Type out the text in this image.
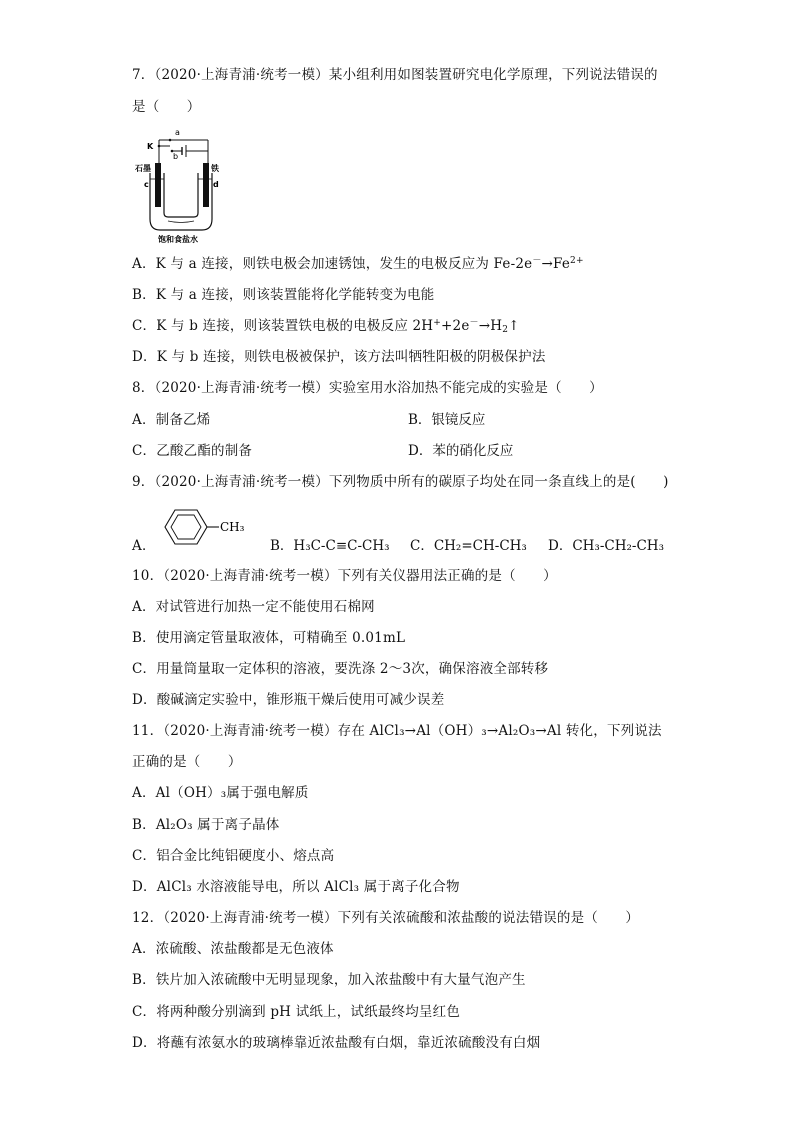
7．（2020·上海青浦·统考一模）某小组利用如图装置研究电化学原理，下列说法错误的
是（　　）
a
b
K
石墨	铁
c	d
饱和食盐水
A．K 与 a 连接，则铁电极会加速锈蚀，发生的电极反应为 $Fe-2e^-\to Fe^{2+}$
B．K 与 a 连接，则该装置能将化学能转变为电能
C．K 与 b 连接，则该装置铁电极的电极反应 $2H^++2e^-\to H_2↑$
D．K 与 b 连接，则铁电极被保护，该方法叫牺牲阳极的阴极保护法
8．（2020·上海青浦·统考一模）实验室用水浴加热不能完成的实验是（　　）
A．制备乙烯	B．银镜反应
C．乙酸乙酯的制备	D．苯的硝化反应
9．（2020·上海青浦·统考一模）下列物质中所有的碳原子均处在同一条直线上的是(　　)
A．
CH₃
B．H₃C-C≡C-CH₃ C．CH₂=CH-CH₃ D．CH₃-CH₂-CH₃
10．（2020·上海青浦·统考一模）下列有关仪器用法正确的是（　　）
A．对试管进行加热一定不能使用石棉网
B．使用滴定管量取液体，可精确至 0.01mL
C．用量筒量取一定体积的溶液，要洗涤 2～3次，确保溶液全部转移
D．酸碱滴定实验中，锥形瓶干燥后使用可减少误差
11．（2020·上海青浦·统考一模）存在 AlCl₃→Al（OH）₃→Al₂O₃→Al 转化，下列说法
正确的是（　　）
A．Al（OH）₃属于强电解质
B．Al₂O₃ 属于离子晶体
C．铝合金比纯铝硬度小、熔点高
D．AlCl₃ 水溶液能导电，所以 AlCl₃ 属于离子化合物
12．（2020·上海青浦·统考一模）下列有关浓硫酸和浓盐酸的说法错误的是（　　）
A．浓硫酸、浓盐酸都是无色液体
B．铁片加入浓硫酸中无明显现象，加入浓盐酸中有大量气泡产生
C．将两种酸分别滴到 pH 试纸上，试纸最终均呈红色
D．将蘸有浓氨水的玻璃棒靠近浓盐酸有白烟，靠近浓硫酸没有白烟
